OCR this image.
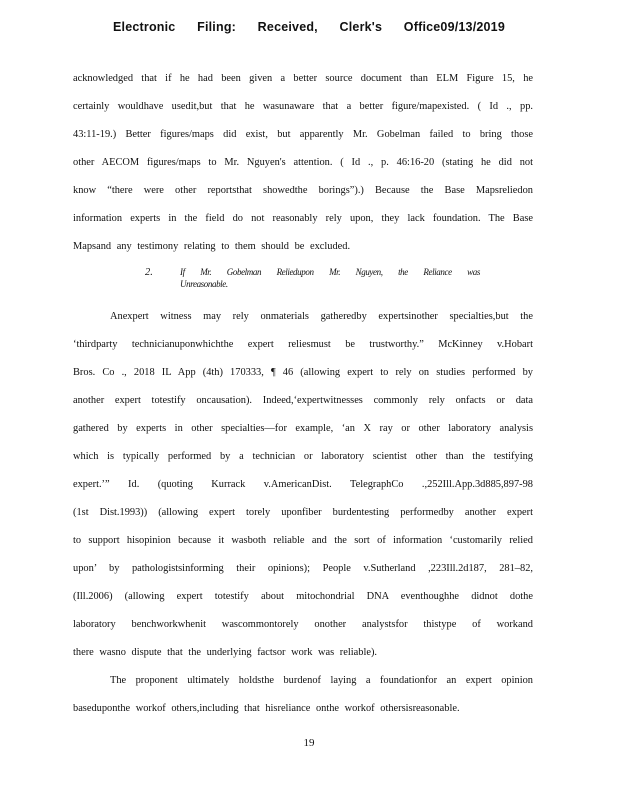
Electronic Filing: Received, Clerk's Office09/13/2019
acknowledged that if he had been given a better source document than ELM Figure 15, he
certainly wouldhave usedit,but that he wasunaware that a better figure/mapexisted. ( Id ., pp.
43:11-19.) Better figures/maps did exist, but apparently Mr. Gobelman failed to bring those
other AECOM figures/maps to Mr. Nguyen's attention. ( Id ., p. 46:16-20 (stating he did not
know “there were other reportsthat showedthe borings”).) Because the Base Mapsreliedon
information experts in the field do not reasonably rely upon, they lack foundation. The Base
Mapsand any testimony relating to them should be excluded.
2.	If Mr. Gobelman Reliedupon Mr. Nguyen, the Reliance was
Unreasonable.
Anexpert witness may rely onmaterials gatheredby expertsinother specialties,but the
‘thirdparty technicianuponwhichthe expert reliesmust be trustworthy.” McKinney v.Hobart
Bros. Co ., 2018 IL App (4th) 170333, ¶ 46 (allowing expert to rely on studies performed by
another expert totestify oncausation). Indeed,‘expertwitnesses commonly rely onfacts or data
gathered by experts in other specialties—for example, ‘an X ray or other laboratory analysis
which is typically performed by a technician or laboratory scientist other than the testifying
expert.’” Id. (quoting Kurrack v.AmericanDist. TelegraphCo .,252Ill.App.3d885,897-98
(1st Dist.1993)) (allowing expert torely uponfiber burdentesting performedby another expert
to support hisopinion because it wasboth reliable and the sort of information ‘customarily relied
upon’ by pathologistsinforming their opinions); People v.Sutherland ,223Ill.2d187, 281–82,
(Ill.2006) (allowing expert totestify about mitochondrial DNA eventhoughhe didnot dothe
laboratory benchworkwhenit wascommontorely onother analystsfor thistype of workand
there wasno dispute that the underlying factsor work was reliable).
The proponent ultimately holdsthe burdenof laying a foundationfor an expert opinion
baseduponthe workof others,including that hisreliance onthe workof othersisreasonable.
19
